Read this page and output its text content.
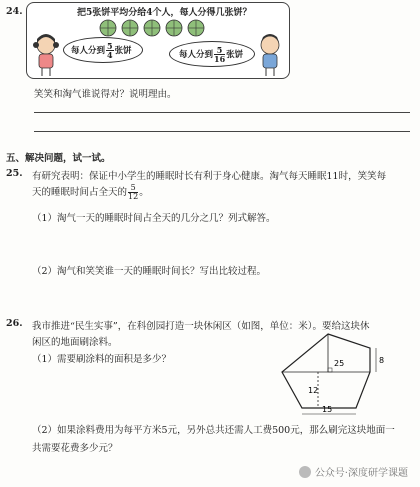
24.	把5张饼平均分给4个人，每人分得几张饼？
每人分到 $\frac{5}{4}$ 张饼	每人分到 $\frac{5}{16}$ 张饼
笑笑和淘气谁说得对？说明理由。
五、解决问题，试一试。
25. 有研究表明：保证中小学生的睡眠时长有利于身心健康。淘气每天睡眠11时，笑笑每
天的睡眠时间占全天的 $\frac{5}{12}$ 。
（1）淘气一天的睡眠时间占全天的几分之几？列式解答。
（2）淘气和笑笑谁一天的睡眠时间长？写出比较过程。
26. 我市推进“民生实事”，在科创园打造一块休闲区（如图，单位：米）。要给这块休
闲区的地面刷涂料。
（1）需要刷涂料的面积是多少？	25	8
12
15
（2）如果涂料费用为每平方米5元，另外总共还需人工费500元，那么刷完这块地面一
共需要花费多少元？
公众号·深度研学课题
